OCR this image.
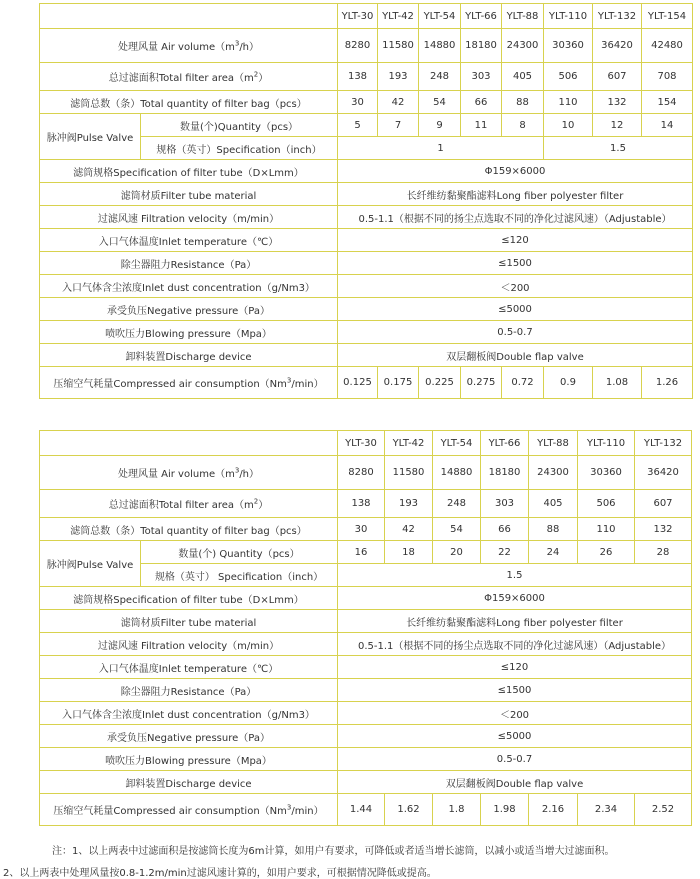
		YLT-30	YLT-42	YLT-54	YLT-66	YLT-88	YLT-110	YLT-132	YLT-154
处理风量 Air $volume(m^3/h)$		8280	11580	14880	18180	24300	30360	36420	42480
总过滤面积Total filter $area(m^2)$		138	193	248	303	405	506	607	708
滤筒总数（条）Total quantity of filter bag（pcs）		30	42	54	66	88	110	132	154
脉冲阀Pulse Valve	数量(个)Quantity（pcs）	5	7	9	11	8	10	12	14
	规格（英寸）Specification（inch）	1					1.5		
滤筒规格Specification of filter tube（D×Lmm）		Φ159×6000							
滤筒材质Filter tube material		长纤维纺黏聚酯滤料Long fiber polyester filter							
过滤风速 Filtration velocity（m/min）		0.5-1.1（根据不同的扬尘点选取不同的净化过滤风速）（Adjustable）							
入口气体温度Inlet temperature（℃）		≤120							
除尘器阻力Resistance（Pa）		≤1500							
入口气体含尘浓度Inlet dust concentration（g/Nm3）		＜200							
承受负压Negative pressure（Pa）		≤5000							
喷吹压力Blowing pressure（Mpa）		0.5-0.7							
卸料装置Discharge device		双层翻板阀Double flap valve							
压缩空气耗量Compressed air consumption（Nm$^3$/min）		0.125	0.175	0.225	0.275	0.72	0.9	1.08	1.26
		YLT-30	YLT-42	YLT-54	YLT-66	YLT-88	YLT-110	YLT-132
处理风量 Air $volume(m^3/h)$		8280	11580	14880	18180	24300	30360	36420
总过滤面积Total filter $area(m^2)$		138	193	248	303	405	506	607
滤筒总数（条）Total quantity of filter bag（pcs）		30	42	54	66	88	110	132
脉冲阀Pulse Valve	数量(个) Quantity（pcs）	16	18	20	22	24	26	28
	规格（英寸） Specification（inch）	1.5						
滤筒规格Specification of filter tube（D×Lmm）		Φ159×6000						
滤筒材质Filter tube material		长纤维纺黏聚酯滤料Long fiber polyester filter						
过滤风速 Filtration velocity（m/min）		0.5-1.1（根据不同的扬尘点选取不同的净化过滤风速）（Adjustable）						
入口气体温度Inlet temperature（℃）		≤120						
除尘器阻力Resistance（Pa）		≤1500						
入口气体含尘浓度Inlet dust concentration（g/Nm3）		＜200						
承受负压Negative pressure（Pa）		≤5000						
喷吹压力Blowing pressure（Mpa）		0.5-0.7						
卸料装置Discharge device		双层翻板阀Double flap valve						
压缩空气耗量Compressed air consumption（Nm$^3$/min）		1.44	1.62	1.8	1.98	2.16	2.34	2.52
注：1、以上两表中过滤面积是按滤筒长度为6m计算，如用户有要求，可降低或者适当增长滤筒，以减小或适当增大过滤面积。
2、以上两表中处理风量按0.8-1.2m/min过滤风速计算的，如用户要求，可根据情况降低或提高。
